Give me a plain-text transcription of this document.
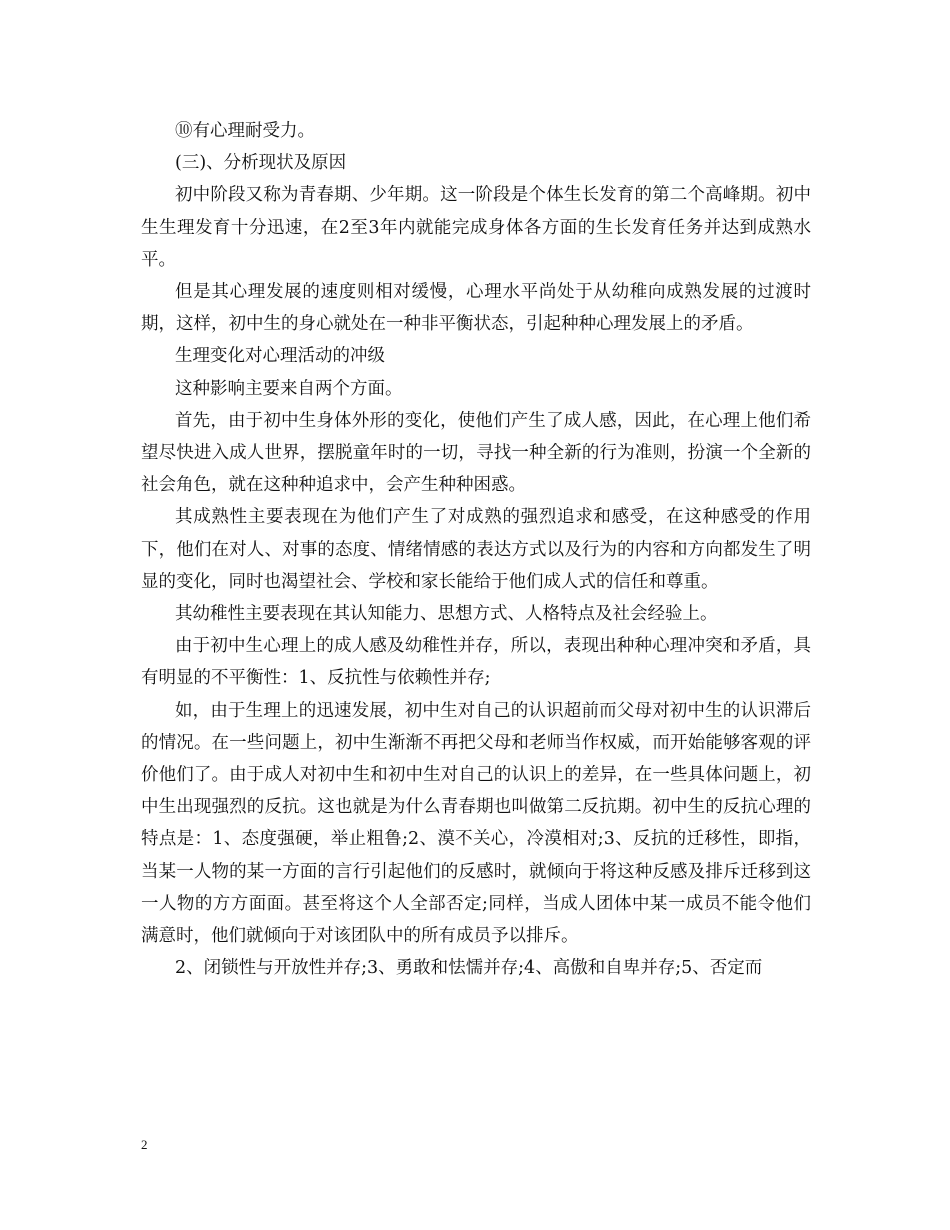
⑩有心理耐受力。

(三)、分析现状及原因

初中阶段又称为青春期、少年期。这一阶段是个体生长发育的第二个高峰期。初中生生理发育十分迅速，在2至3年内就能完成身体各方面的生长发育任务并达到成熟水平。

但是其心理发展的速度则相对缓慢，心理水平尚处于从幼稚向成熟发展的过渡时期，这样，初中生的身心就处在一种非平衡状态，引起种种心理发展上的矛盾。

生理变化对心理活动的冲级

这种影响主要来自两个方面。

首先，由于初中生身体外形的变化，使他们产生了成人感，因此，在心理上他们希望尽快进入成人世界，摆脱童年时的一切，寻找一种全新的行为准则，扮演一个全新的社会角色，就在这种种追求中，会产生种种困惑。

其成熟性主要表现在为他们产生了对成熟的强烈追求和感受，在这种感受的作用下，他们在对人、对事的态度、情绪情感的表达方式以及行为的内容和方向都发生了明显的变化，同时也渴望社会、学校和家长能给于他们成人式的信任和尊重。

其幼稚性主要表现在其认知能力、思想方式、人格特点及社会经验上。

由于初中生心理上的成人感及幼稚性并存，所以，表现出种种心理冲突和矛盾，具有明显的不平衡性：1、反抗性与依赖性并存;

如，由于生理上的迅速发展，初中生对自己的认识超前而父母对初中生的认识滞后的情况。在一些问题上，初中生渐渐不再把父母和老师当作权威，而开始能够客观的评价他们了。由于成人对初中生和初中生对自己的认识上的差异，在一些具体问题上，初中生出现强烈的反抗。这也就是为什么青春期也叫做第二反抗期。初中生的反抗心理的特点是：1、态度强硬，举止粗鲁;2、漠不关心，冷漠相对;3、反抗的迁移性，即指，当某一人物的某一方面的言行引起他们的反感时，就倾向于将这种反感及排斥迁移到这一人物的方方面面。甚至将这个人全部否定;同样，当成人团体中某一成员不能令他们满意时，他们就倾向于对该团队中的所有成员予以排斥。

2、闭锁性与开放性并存;3、勇敢和怯懦并存;4、高傲和自卑并存;5、否定而

2
